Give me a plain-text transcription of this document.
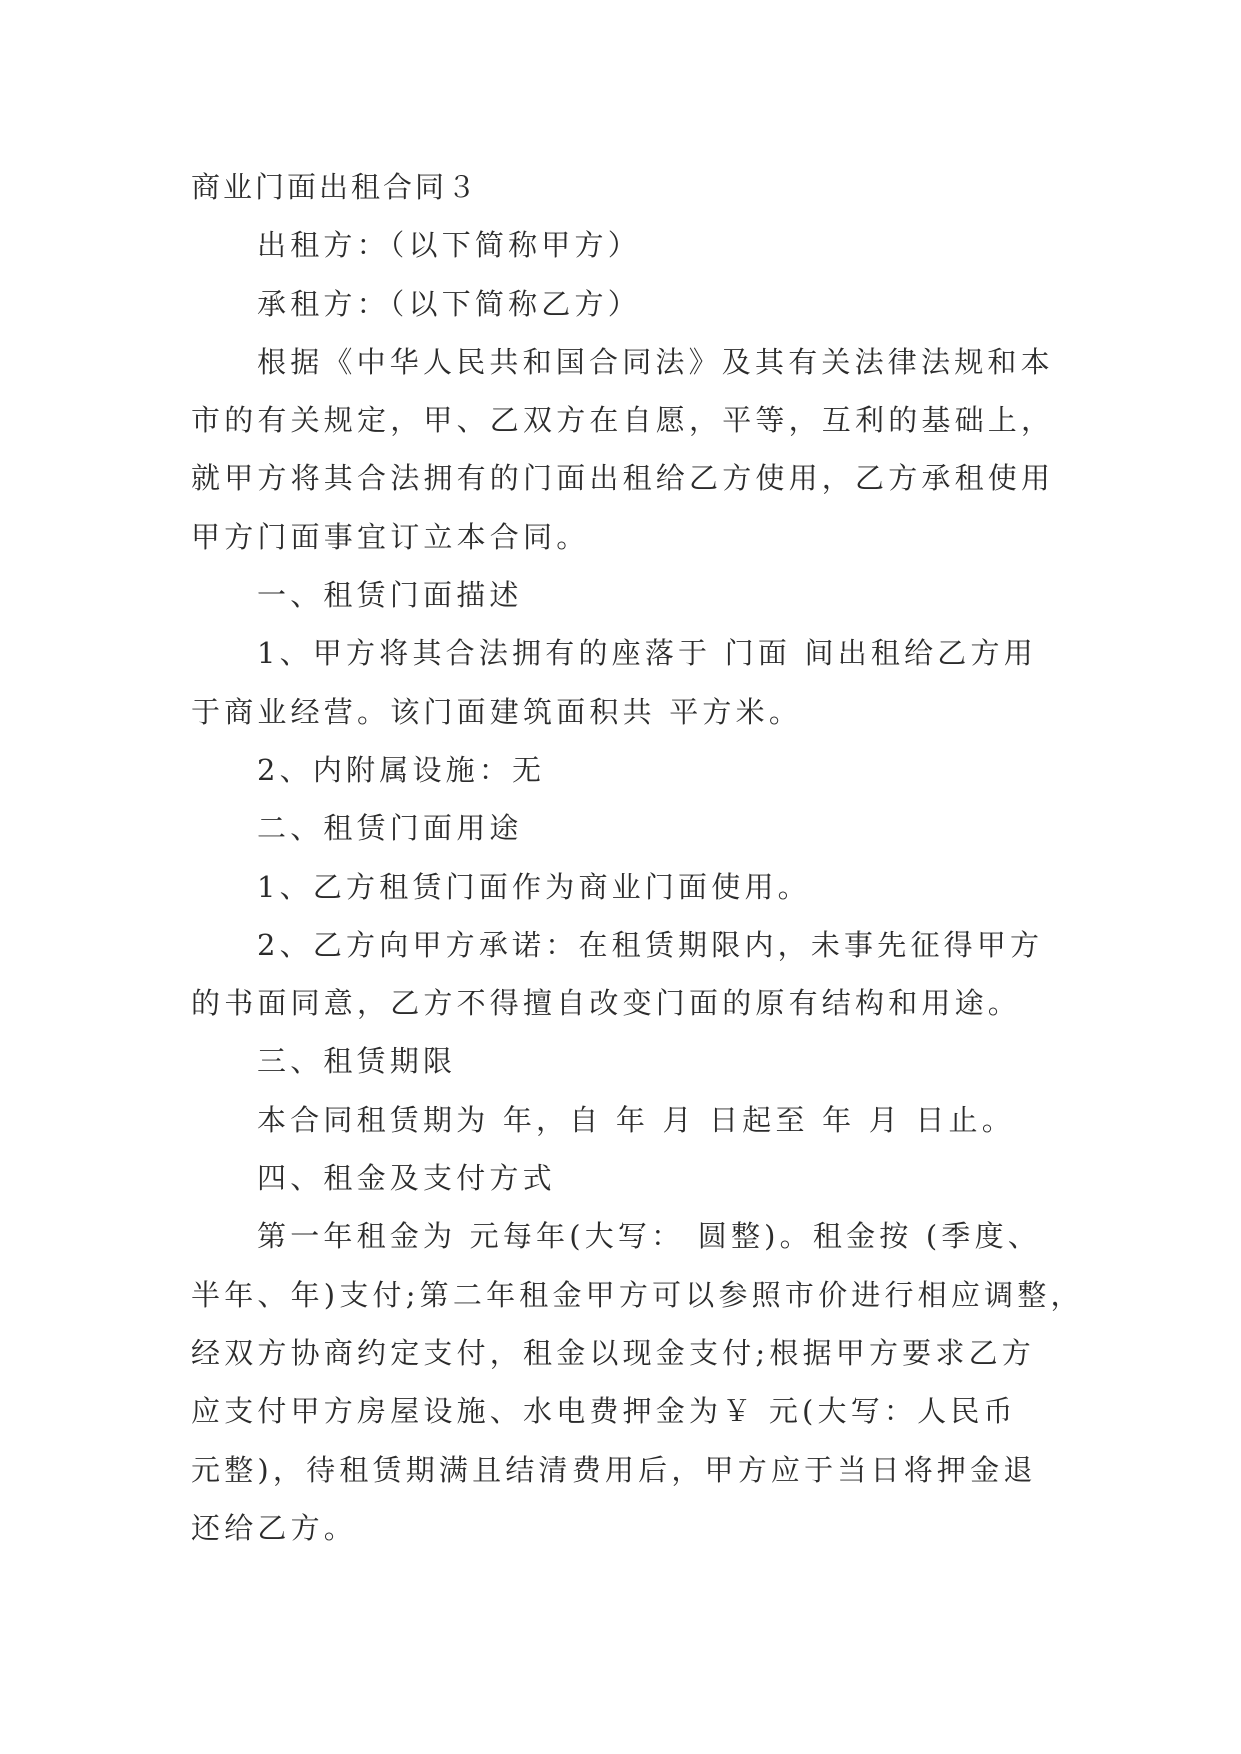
商业门面出租合同３
出租方：（以下简称甲方）
承租方：（以下简称乙方）
根据《中华人民共和国合同法》及其有关法律法规和本
市的有关规定，甲、乙双方在自愿，平等，互利的基础上，
就甲方将其合法拥有的门面出租给乙方使用，乙方承租使用
甲方门面事宜订立本合同。
一、租赁门面描述
1、甲方将其合法拥有的座落于 门面 间出租给乙方用
于商业经营。该门面建筑面积共 平方米。
2、内附属设施：无
二、租赁门面用途
1、乙方租赁门面作为商业门面使用。
2、乙方向甲方承诺：在租赁期限内，未事先征得甲方
的书面同意，乙方不得擅自改变门面的原有结构和用途。
三、租赁期限
本合同租赁期为 年，自 年 月 日起至 年 月 日止。
四、租金及支付方式
第一年租金为 元每年(大写： 圆整)。租金按 (季度、
半年、年)支付;第二年租金甲方可以参照市价进行相应调整，
经双方协商约定支付，租金以现金支付;根据甲方要求乙方
应支付甲方房屋设施、水电费押金为￥ 元(大写：人民币
元整)，待租赁期满且结清费用后，甲方应于当日将押金退
还给乙方。
